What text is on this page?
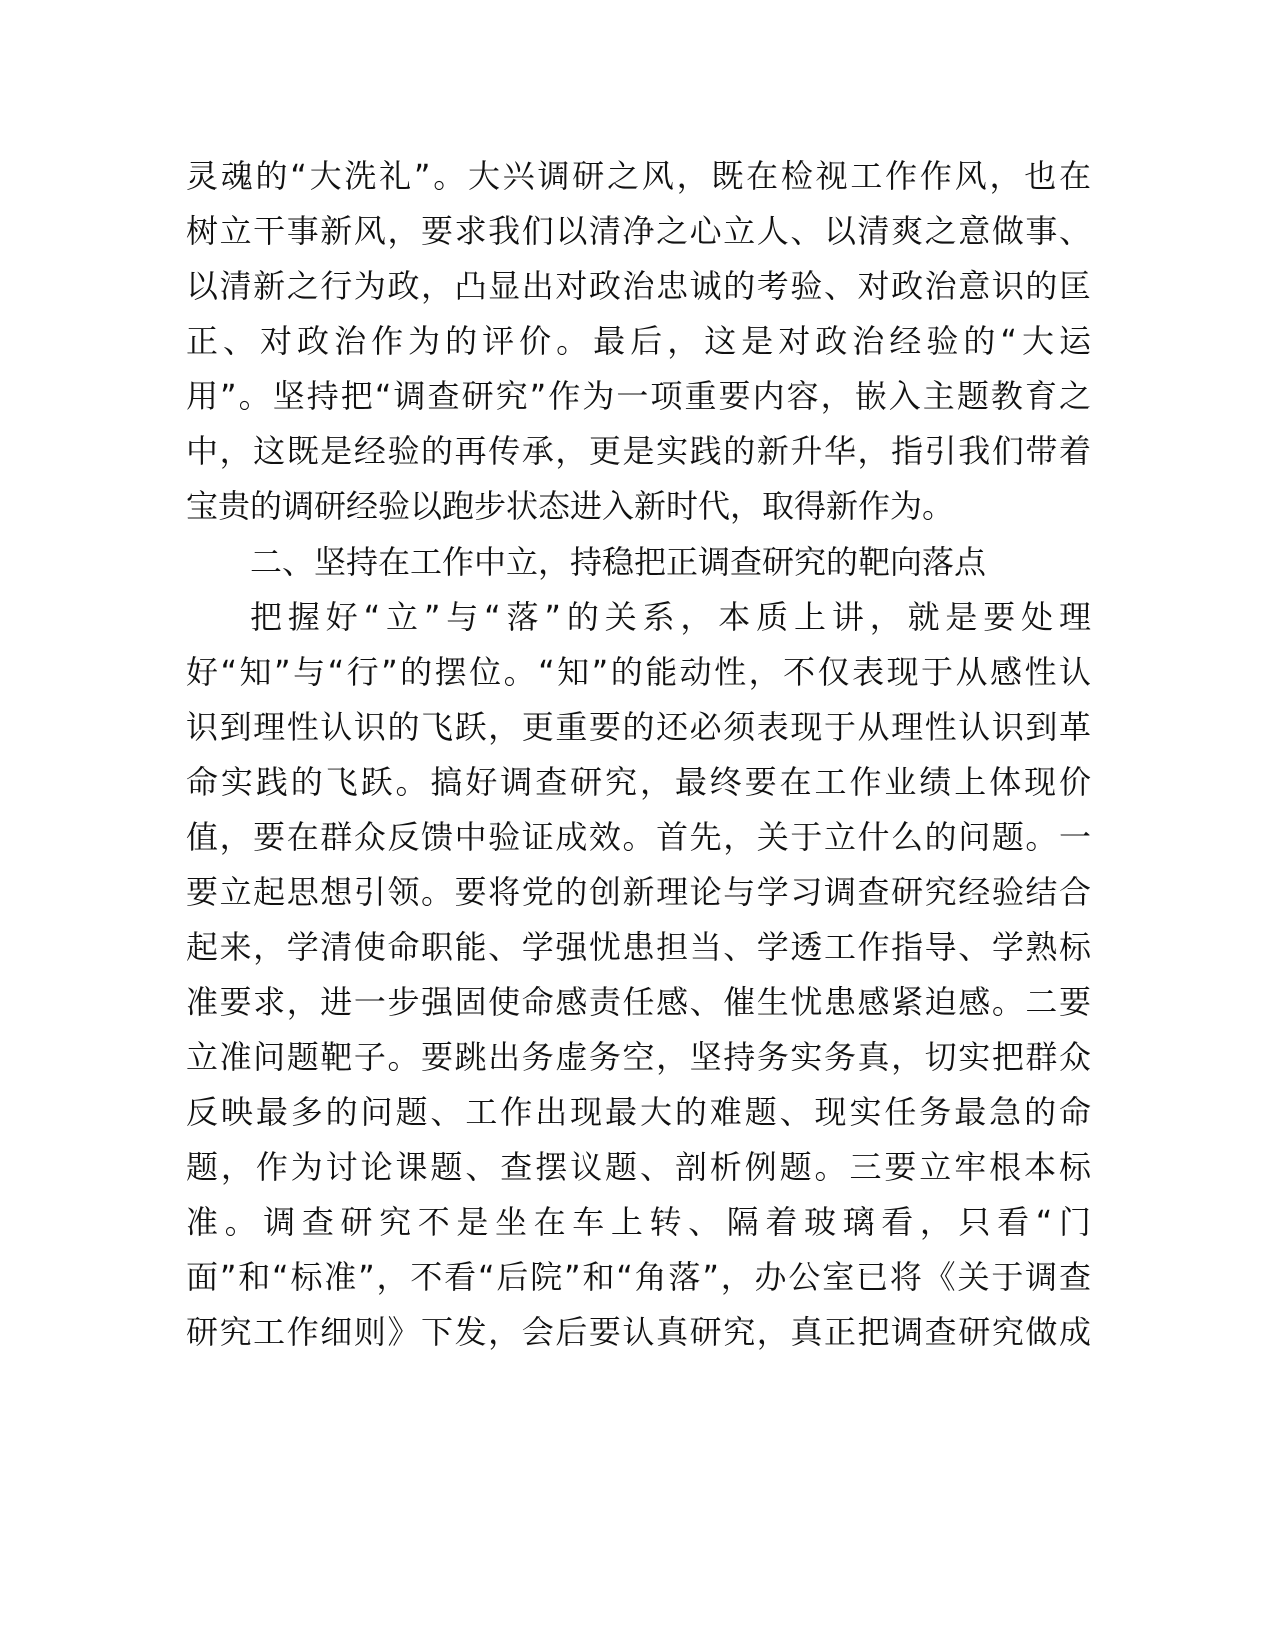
灵魂的“大洗礼”。大兴调研之风，既在检视工作作风，也在
树立干事新风，要求我们以清净之心立人、以清爽之意做事、
以清新之行为政，凸显出对政治忠诚的考验、对政治意识的匡
正、对政治作为的评价。最后，这是对政治经验的“大运
用”。坚持把“调查研究”作为一项重要内容，嵌入主题教育之
中，这既是经验的再传承，更是实践的新升华，指引我们带着
宝贵的调研经验以跑步状态进入新时代，取得新作为。
二、坚持在工作中立，持稳把正调查研究的靶向落点
把握好“立”与“落”的关系，本质上讲，就是要处理
好“知”与“行”的摆位。“知”的能动性，不仅表现于从感性认
识到理性认识的飞跃，更重要的还必须表现于从理性认识到革
命实践的飞跃。搞好调查研究，最终要在工作业绩上体现价
值，要在群众反馈中验证成效。首先，关于立什么的问题。一
要立起思想引领。要将党的创新理论与学习调查研究经验结合
起来，学清使命职能、学强忧患担当、学透工作指导、学熟标
准要求，进一步强固使命感责任感、催生忧患感紧迫感。二要
立准问题靶子。要跳出务虚务空，坚持务实务真，切实把群众
反映最多的问题、工作出现最大的难题、现实任务最急的命
题，作为讨论课题、查摆议题、剖析例题。三要立牢根本标
准。调查研究不是坐在车上转、隔着玻璃看，只看“门
面”和“标准”，不看“后院”和“角落”，办公室已将《关于调查
研究工作细则》下发，会后要认真研究，真正把调查研究做成
